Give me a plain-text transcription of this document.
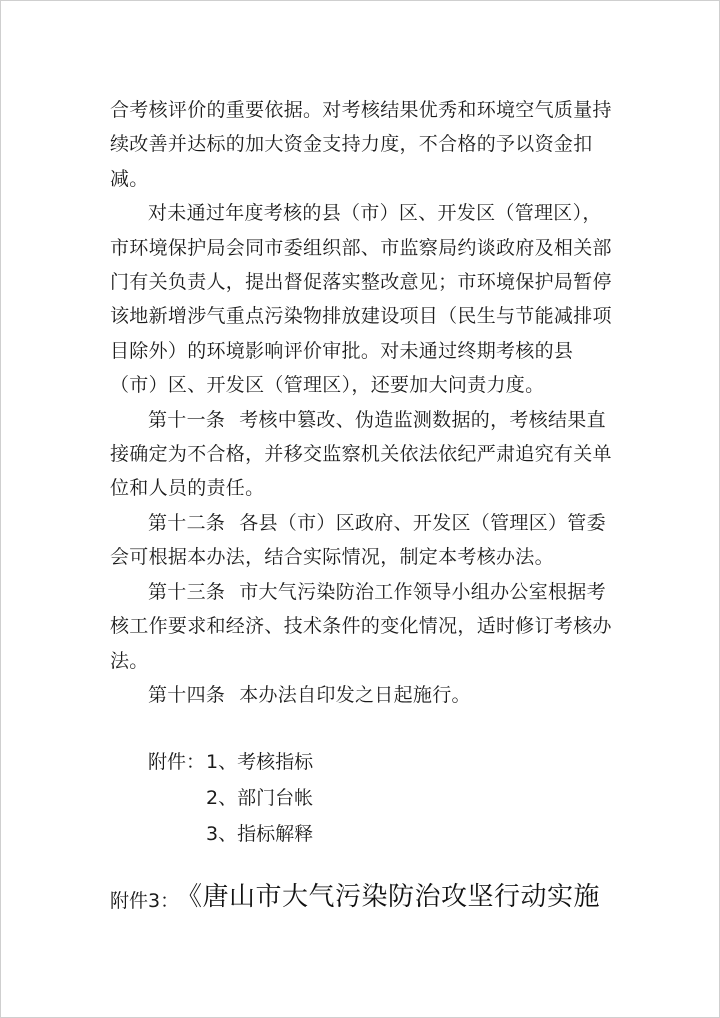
合考核评价的重要依据。对考核结果优秀和环境空气质量持续改善并达标的加大资金支持力度，不合格的予以资金扣减。

对未通过年度考核的县（市）区、开发区（管理区），市环境保护局会同市委组织部、市监察局约谈政府及相关部门有关负责人，提出督促落实整改意见；市环境保护局暂停该地新增涉气重点污染物排放建设项目（民生与节能减排项目除外）的环境影响评价审批。对未通过终期考核的县（市）区、开发区（管理区），还要加大问责力度。

第十一条 考核中篡改、伪造监测数据的，考核结果直接确定为不合格，并移交监察机关依法依纪严肃追究有关单位和人员的责任。

第十二条 各县（市）区政府、开发区（管理区）管委会可根据本办法，结合实际情况，制定本考核办法。

第十三条 市大气污染防治工作领导小组办公室根据考核工作要求和经济、技术条件的变化情况，适时修订考核办法。

第十四条 本办法自印发之日起施行。

附件：1、考核指标
2、部门台帐
3、指标解释
附件3：
《唐山市大气污染防治攻坚行动实施
